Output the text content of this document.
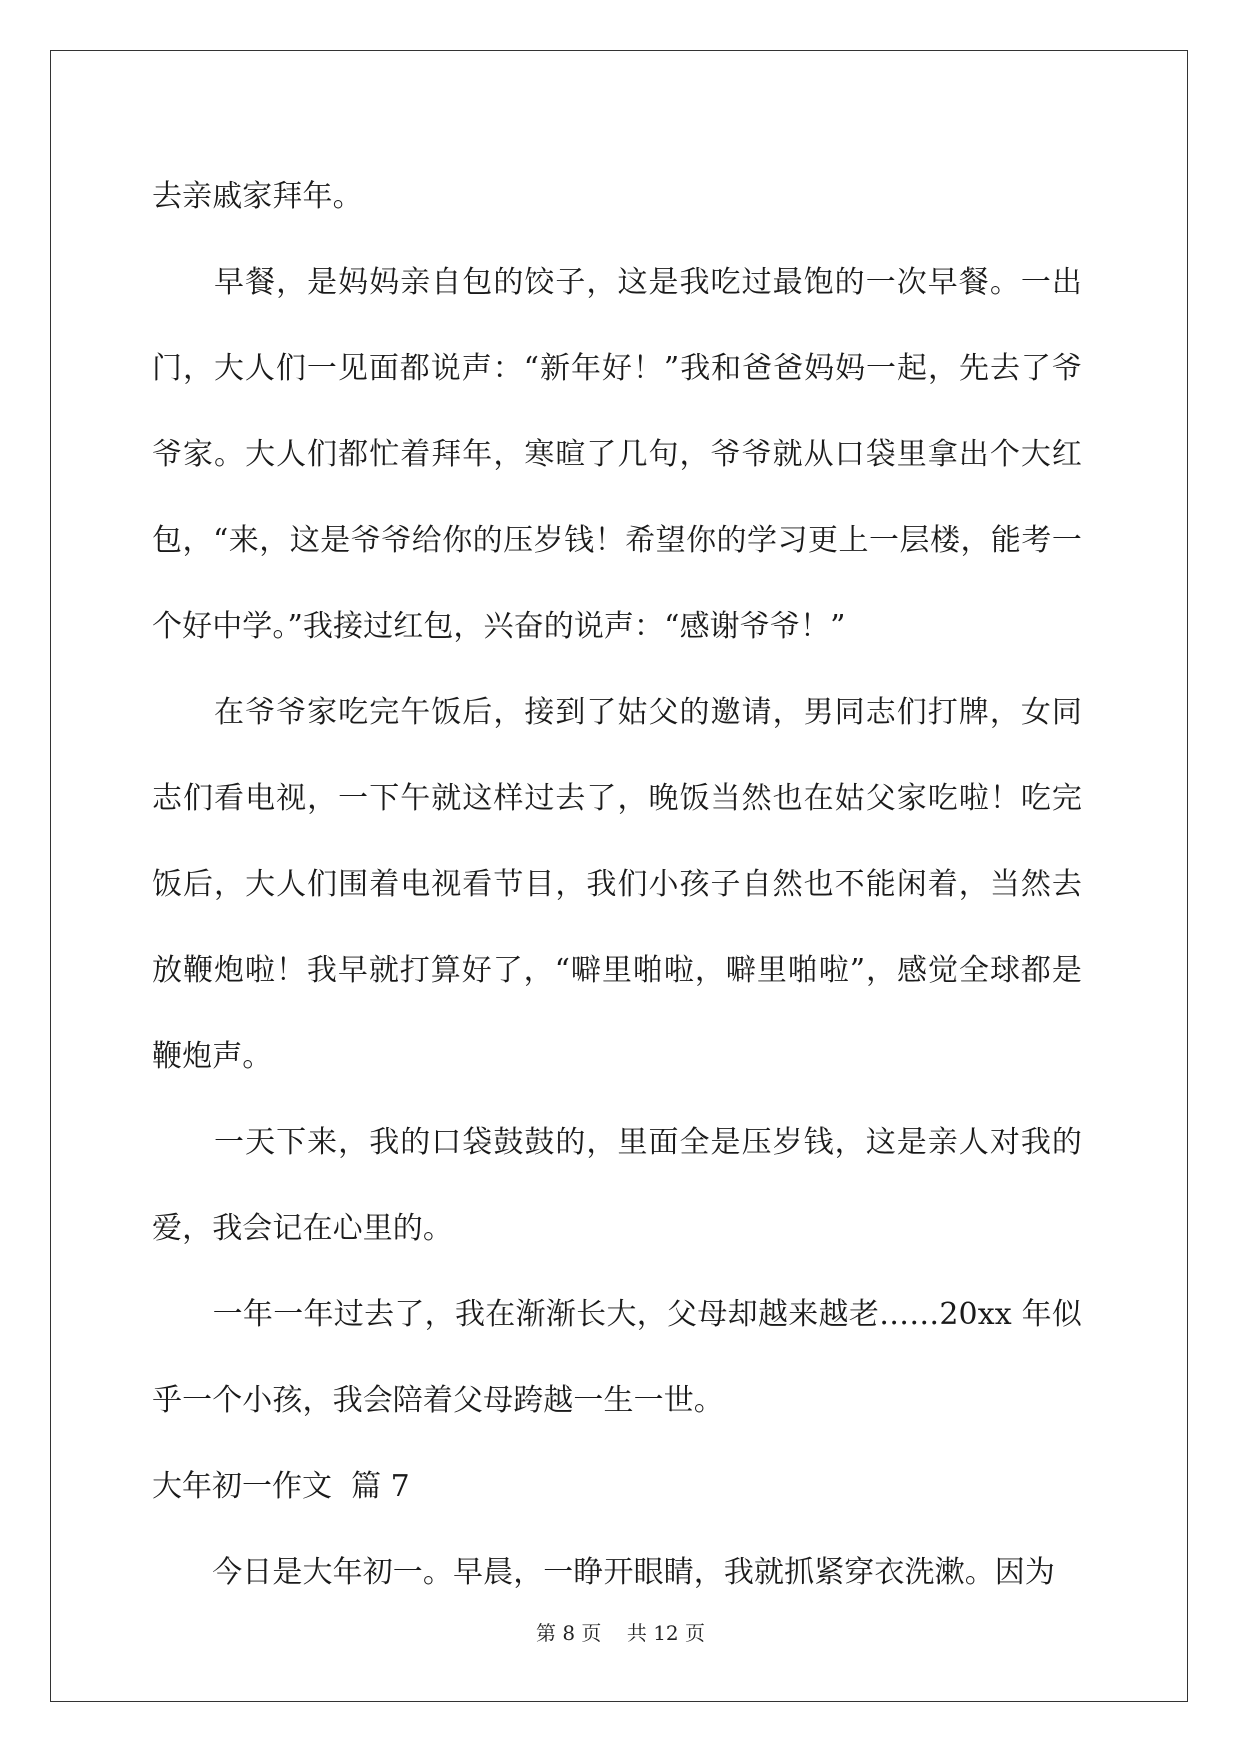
去亲戚家拜年。

　　早餐，是妈妈亲自包的饺子，这是我吃过最饱的一次早餐。一出门，大人们一见面都说声：“新年好！”我和爸爸妈妈一起，先去了爷爷家。大人们都忙着拜年，寒暄了几句，爷爷就从口袋里拿出个大红包，“来，这是爷爷给你的压岁钱！希望你的学习更上一层楼，能考一个好中学。”我接过红包，兴奋的说声：“感谢爷爷！”

　　在爷爷家吃完午饭后，接到了姑父的邀请，男同志们打牌，女同志们看电视，一下午就这样过去了，晚饭当然也在姑父家吃啦！吃完饭后，大人们围着电视看节目，我们小孩子自然也不能闲着，当然去放鞭炮啦！我早就打算好了，“噼里啪啦，噼里啪啦”，感觉全球都是鞭炮声。

　　一天下来，我的口袋鼓鼓的，里面全是压岁钱，这是亲人对我的爱，我会记在心里的。

　　一年一年过去了，我在渐渐长大，父母却越来越老……20xx 年似乎一个小孩，我会陪着父母跨越一生一世。

大年初一作文  篇 7

　　今日是大年初一。早晨，一睁开眼睛，我就抓紧穿衣洗漱。因为

第 8 页    共 12 页
